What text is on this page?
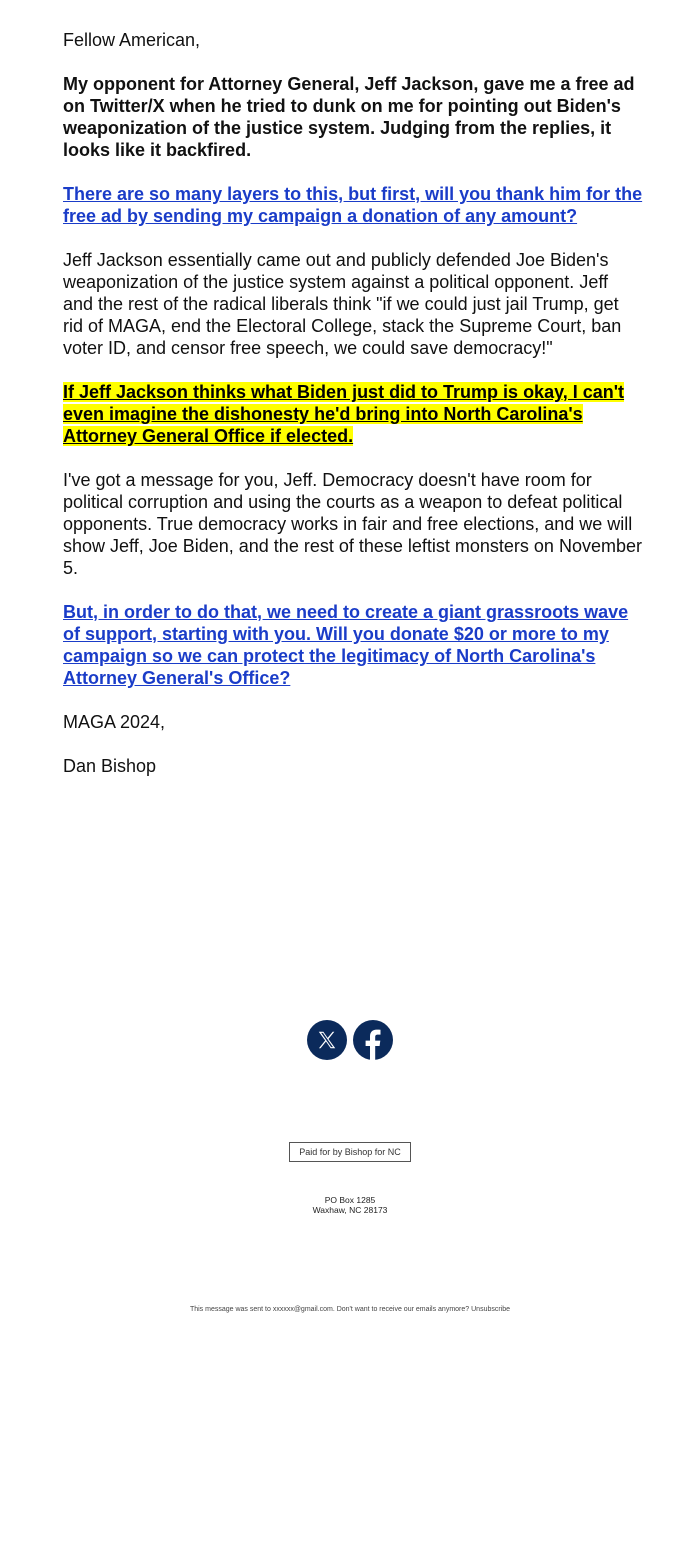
Fellow American,

My opponent for Attorney General, Jeff Jackson, gave me a free ad on Twitter/X when he tried to dunk on me for pointing out Biden's weaponization of the justice system. Judging from the replies, it looks like it backfired.

There are so many layers to this, but first, will you thank him for the free ad by sending my campaign a donation of any amount?

Jeff Jackson essentially came out and publicly defended Joe Biden's weaponization of the justice system against a political opponent. Jeff and the rest of the radical liberals think "if we could just jail Trump, get rid of MAGA, end the Electoral College, stack the Supreme Court, ban voter ID, and censor free speech, we could save democracy!"

If Jeff Jackson thinks what Biden just did to Trump is okay, I can't even imagine the dishonesty he'd bring into North Carolina's Attorney General Office if elected.

I've got a message for you, Jeff. Democracy doesn't have room for political corruption and using the courts as a weapon to defeat political opponents. True democracy works in fair and free elections, and we will show Jeff, Joe Biden, and the rest of these leftist monsters on November 5.

But, in order to do that, we need to create a giant grassroots wave of support, starting with you. Will you donate $20 or more to my campaign so we can protect the legitimacy of North Carolina's Attorney General's Office?

MAGA 2024,

Dan Bishop

Paid for by Bishop for NC
PO Box 1285
Waxhaw, NC 28173
This message was sent to xxxxxx@gmail.com. Don't want to receive our emails anymore? Unsubscribe
